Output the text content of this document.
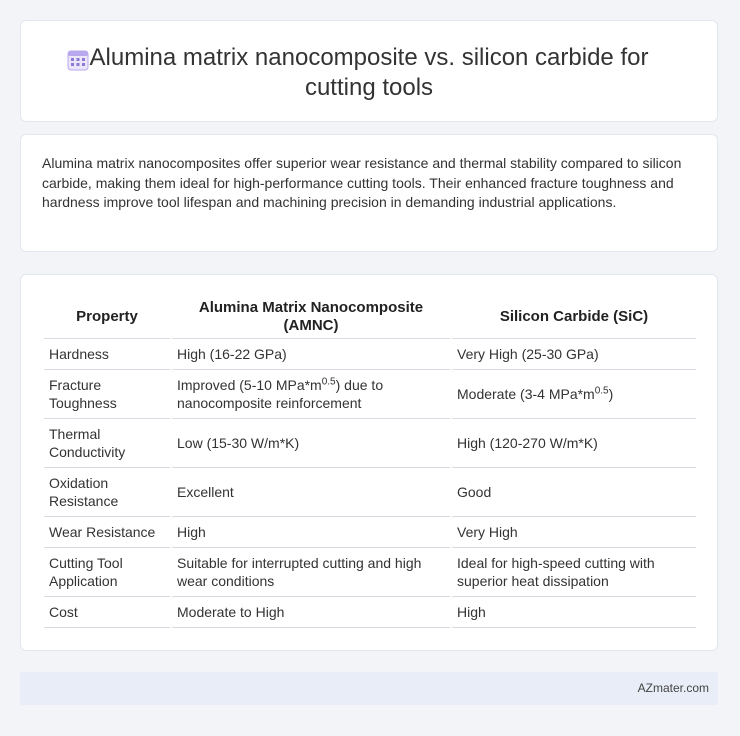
Alumina matrix nanocomposite vs. silicon carbide for cutting tools

Alumina matrix nanocomposites offer superior wear resistance and thermal stability compared to silicon carbide, making them ideal for high-performance cutting tools. Their enhanced fracture toughness and hardness improve tool lifespan and machining precision in demanding industrial applications.

Property	Alumina Matrix Nanocomposite (AMNC)	Silicon Carbide (SiC)
Hardness	High (16-22 GPa)	Very High (25-30 GPa)
Fracture Toughness	Improved (5-10 $MPa*m^{0.5}$) due to nanocomposite reinforcement	Moderate (3-4 $MPa*m^{0.5}$)
Thermal Conductivity	Low (15-30 W/m*K)	High (120-270 W/m*K)
Oxidation Resistance	Excellent	Good
Wear Resistance	High	Very High
Cutting Tool Application	Suitable for interrupted cutting and high wear conditions	Ideal for high-speed cutting with superior heat dissipation
Cost	Moderate to High	High
AZmater.com
